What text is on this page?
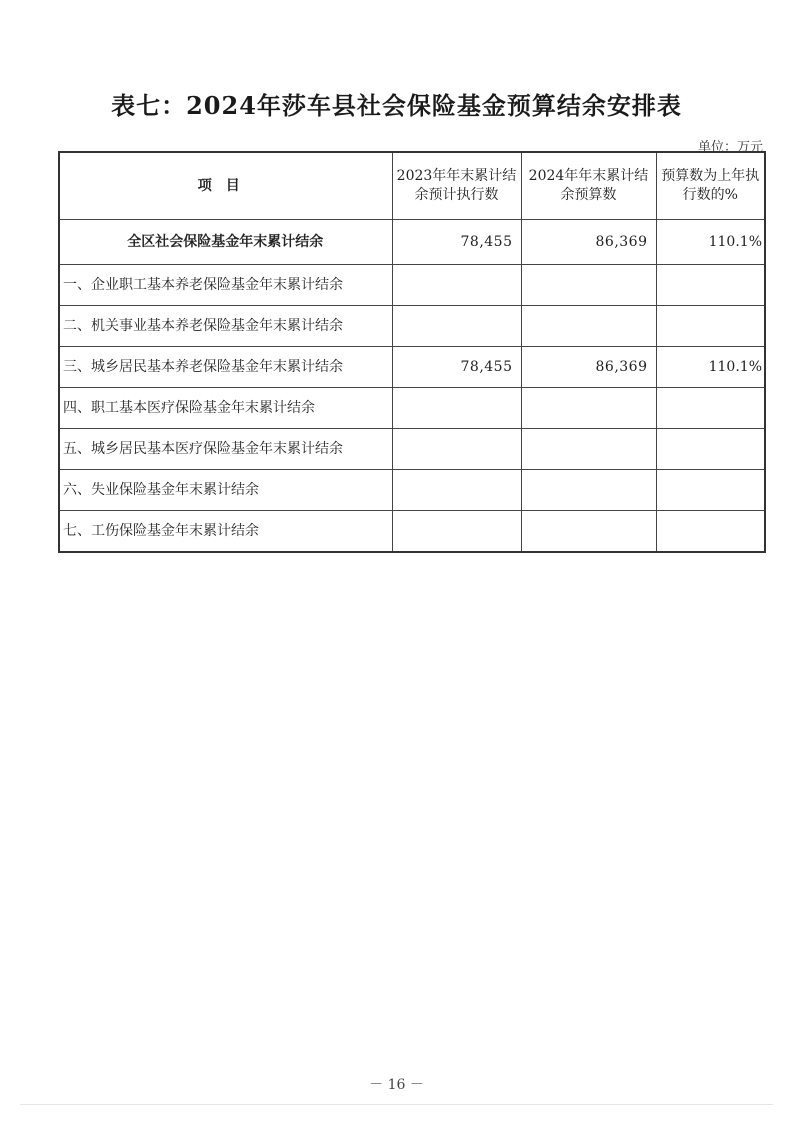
表七：2024年莎车县社会保险基金预算结余安排表
单位：万元
项目	2023年年末累计结余预计执行数	2024年年末累计结余预算数	预算数为上年执行数的%
全区社会保险基金年末累计结余	78,455	86,369	110.1%
一、企业职工基本养老保险基金年末累计结余			
二、机关事业基本养老保险基金年末累计结余			
三、城乡居民基本养老保险基金年末累计结余	78,455	86,369	110.1%
四、职工基本医疗保险基金年末累计结余			
五、城乡居民基本医疗保险基金年末累计结余			
六、失业保险基金年末累计结余			
七、工伤保险基金年末累计结余			
－ 16 －
